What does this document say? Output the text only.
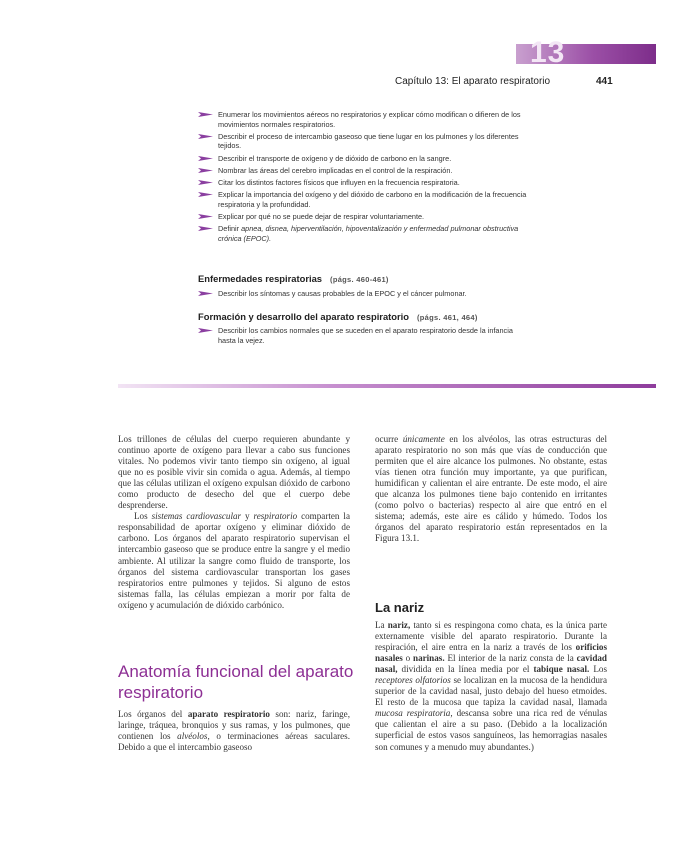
13
Capítulo 13: El aparato respiratorio	441
Enumerar los movimientos aéreos no respiratorios y explicar cómo modifican o difieren de los movimientos normales respiratorios.
Describir el proceso de intercambio gaseoso que tiene lugar en los pulmones y los diferentes tejidos.
Describir el transporte de oxígeno y de dióxido de carbono en la sangre.
Nombrar las áreas del cerebro implicadas en el control de la respiración.
Citar los distintos factores físicos que influyen en la frecuencia respiratoria.
Explicar la importancia del oxígeno y del dióxido de carbono en la modificación de la frecuencia respiratoria y la profundidad.
Explicar por qué no se puede dejar de respirar voluntariamente.
Definir apnea, disnea, hiperventilación, hipoventalización y enfermedad pulmonar obstructiva crónica (EPOC).
Enfermedades respiratorias (págs. 460-461)
Describir los síntomas y causas probables de la EPOC y el cáncer pulmonar.
Formación y desarrollo del aparato respiratorio (págs. 461, 464)
Describir los cambios normales que se suceden en el aparato respiratorio desde la infancia hasta la vejez.

Los trillones de células del cuerpo requieren abundante y continuo aporte de oxígeno para llevar a cabo sus funciones vitales. No podemos vivir tanto tiempo sin oxígeno, al igual que no es posible vivir sin comida o agua. Además, al tiempo que las células utilizan el oxígeno expulsan dióxido de carbono como producto de desecho del que el cuerpo debe desprenderse.

Los sistemas cardiovascular y respiratorio comparten la responsabilidad de aportar oxígeno y eliminar dióxido de carbono. Los órganos del aparato respiratorio supervisan el intercambio gaseoso que se produce entre la sangre y el medio ambiente. Al utilizar la sangre como fluido de transporte, los órganos del sistema cardiovascular transportan los gases respiratorios entre pulmones y tejidos. Si alguno de estos sistemas falla, las células empiezan a morir por falta de oxígeno y acumulación de dióxido carbónico.

Anatomía funcional del aparato respiratorio

Los órganos del aparato respiratorio son: nariz, faringe, laringe, tráquea, bronquios y sus ramas, y los pulmones, que contienen los alvéolos, o terminaciones aéreas saculares. Debido a que el intercambio gaseoso

ocurre únicamente en los alvéolos, las otras estructuras del aparato respiratorio no son más que vías de conducción que permiten que el aire alcance los pulmones. No obstante, estas vías tienen otra función muy importante, ya que purifican, humidifican y calientan el aire entrante. De este modo, el aire que alcanza los pulmones tiene bajo contenido en irritantes (como polvo o bacterias) respecto al aire que entró en el sistema; además, este aire es cálido y húmedo. Todos los órganos del aparato respiratorio están representados en la Figura 13.1.

La nariz

La nariz, tanto si es respingona como chata, es la única parte externamente visible del aparato respiratorio. Durante la respiración, el aire entra en la nariz a través de los orificios nasales o narinas. El interior de la nariz consta de la cavidad nasal, dividida en la línea media por el tabique nasal. Los receptores olfatorios se localizan en la mucosa de la hendidura superior de la cavidad nasal, justo debajo del hueso etmoides. El resto de la mucosa que tapiza la cavidad nasal, llamada mucosa respiratoria, descansa sobre una rica red de vénulas que calientan el aire a su paso. (Debido a la localización superficial de estos vasos sanguíneos, las hemorragias nasales son comunes y a menudo muy abundantes.)
